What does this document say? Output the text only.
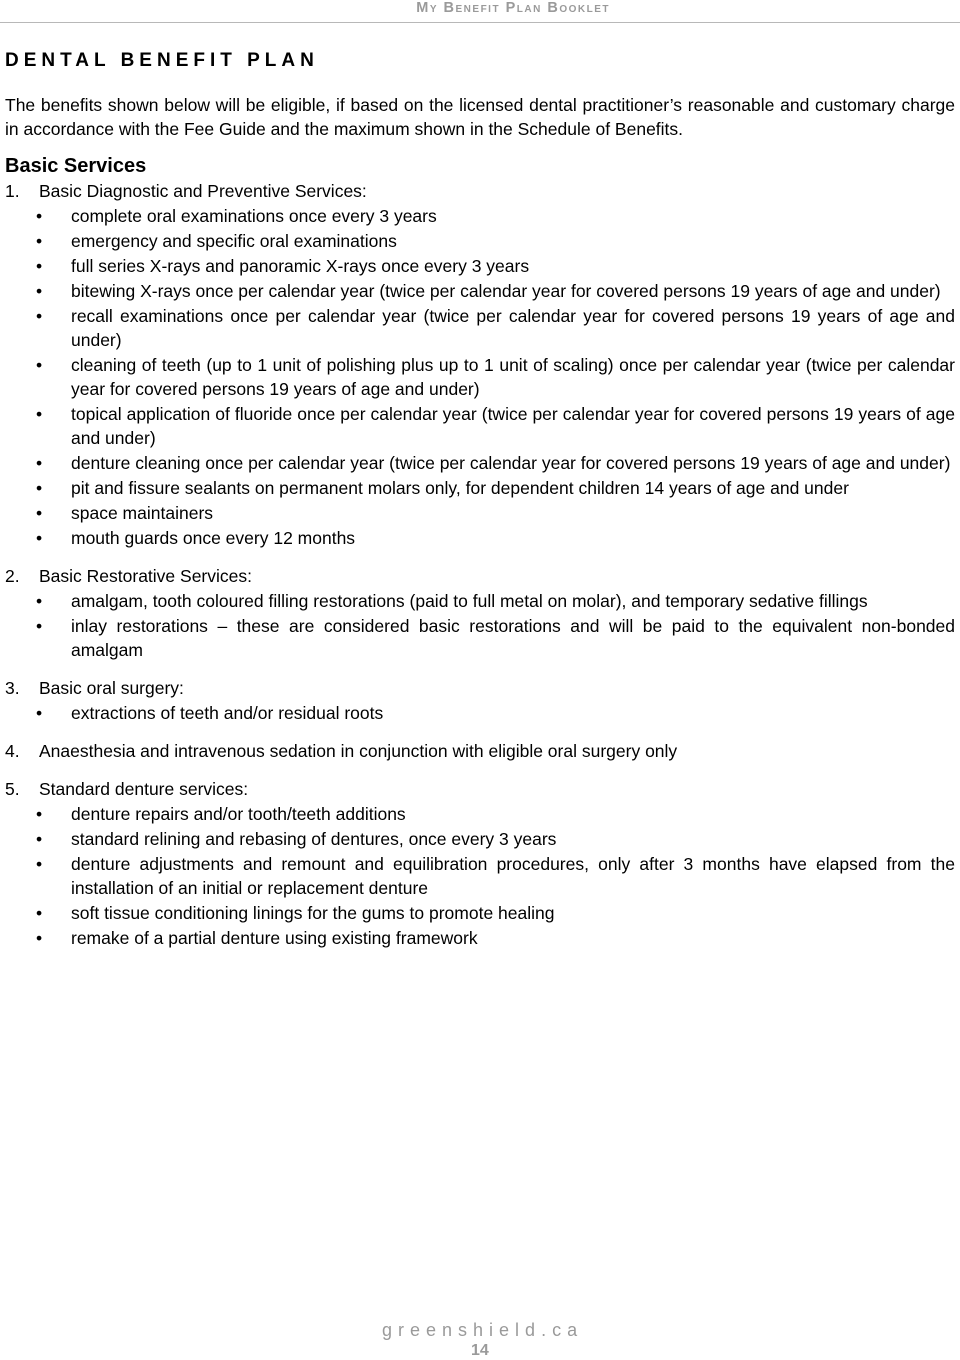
My Benefit Plan Booklet
DENTAL BENEFIT PLAN

The benefits shown below will be eligible, if based on the licensed dental practitioner’s reasonable and customary charge in accordance with the Fee Guide and the maximum shown in the Schedule of Benefits.

Basic Services
1.	Basic Diagnostic and Preventive Services:
• complete oral examinations once every 3 years
• emergency and specific oral examinations
• full series X-rays and panoramic X-rays once every 3 years
• bitewing X-rays once per calendar year (twice per calendar year for covered persons 19 years of age and under)
• recall examinations once per calendar year (twice per calendar year for covered persons 19 years of age and under)
• cleaning of teeth (up to 1 unit of polishing plus up to 1 unit of scaling) once per calendar year (twice per calendar year for covered persons 19 years of age and under)
• topical application of fluoride once per calendar year (twice per calendar year for covered persons 19 years of age and under)
• denture cleaning once per calendar year (twice per calendar year for covered persons 19 years of age and under)
• pit and fissure sealants on permanent molars only, for dependent children 14 years of age and under
• space maintainers
• mouth guards once every 12 months
2.	Basic Restorative Services:
• amalgam, tooth coloured filling restorations (paid to full metal on molar), and temporary sedative fillings
• inlay restorations – these are considered basic restorations and will be paid to the equivalent non-bonded amalgam
3.	Basic oral surgery:
• extractions of teeth and/or residual roots
4.	Anaesthesia and intravenous sedation in conjunction with eligible oral surgery only
5.	Standard denture services:
• denture repairs and/or tooth/teeth additions
• standard relining and rebasing of dentures, once every 3 years
• denture adjustments and remount and equilibration procedures, only after 3 months have elapsed from the installation of an initial or replacement denture
• soft tissue conditioning linings for the gums to promote healing
• remake of a partial denture using existing framework
greenshield.ca
14
